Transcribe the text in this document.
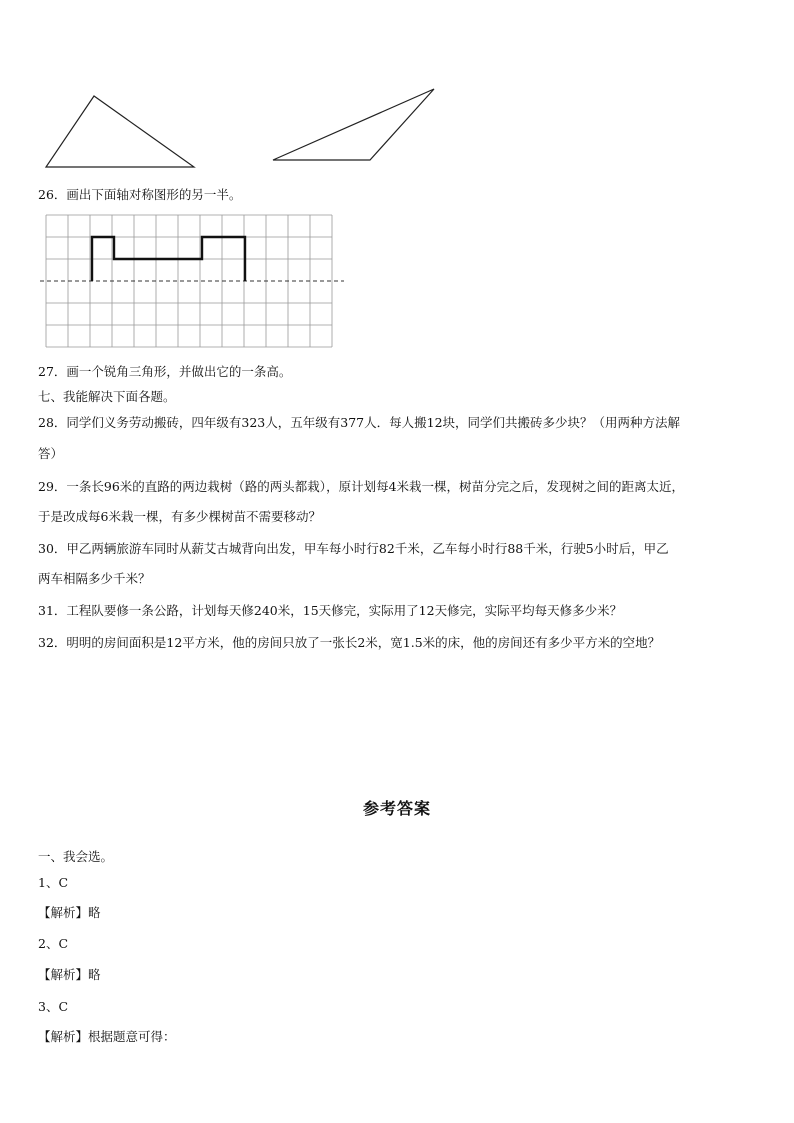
26．画出下面轴对称图形的另一半。
27．画一个锐角三角形，并做出它的一条高。
七、我能解决下面各题。
28．同学们义务劳动搬砖，四年级有323人，五年级有377人．每人搬12块，同学们共搬砖多少块？（用两种方法解
答）
29．一条长96米的直路的两边栽树（路的两头都栽），原计划每4米栽一棵，树苗分完之后，发现树之间的距离太近，
于是改成每6米栽一棵，有多少棵树苗不需要移动？
30．甲乙两辆旅游车同时从薪艾古城背向出发，甲车每小时行82千米，乙车每小时行88千米，行驶5小时后，甲乙
两车相隔多少千米？
31．工程队要修一条公路，计划每天修240米，15天修完，实际用了12天修完，实际平均每天修多少米？
32．明明的房间面积是12平方米，他的房间只放了一张长2米，宽1.5米的床，他的房间还有多少平方米的空地？
参考答案
一、我会选。
1、C
【解析】略
2、C
【解析】略
3、C
【解析】根据题意可得：
